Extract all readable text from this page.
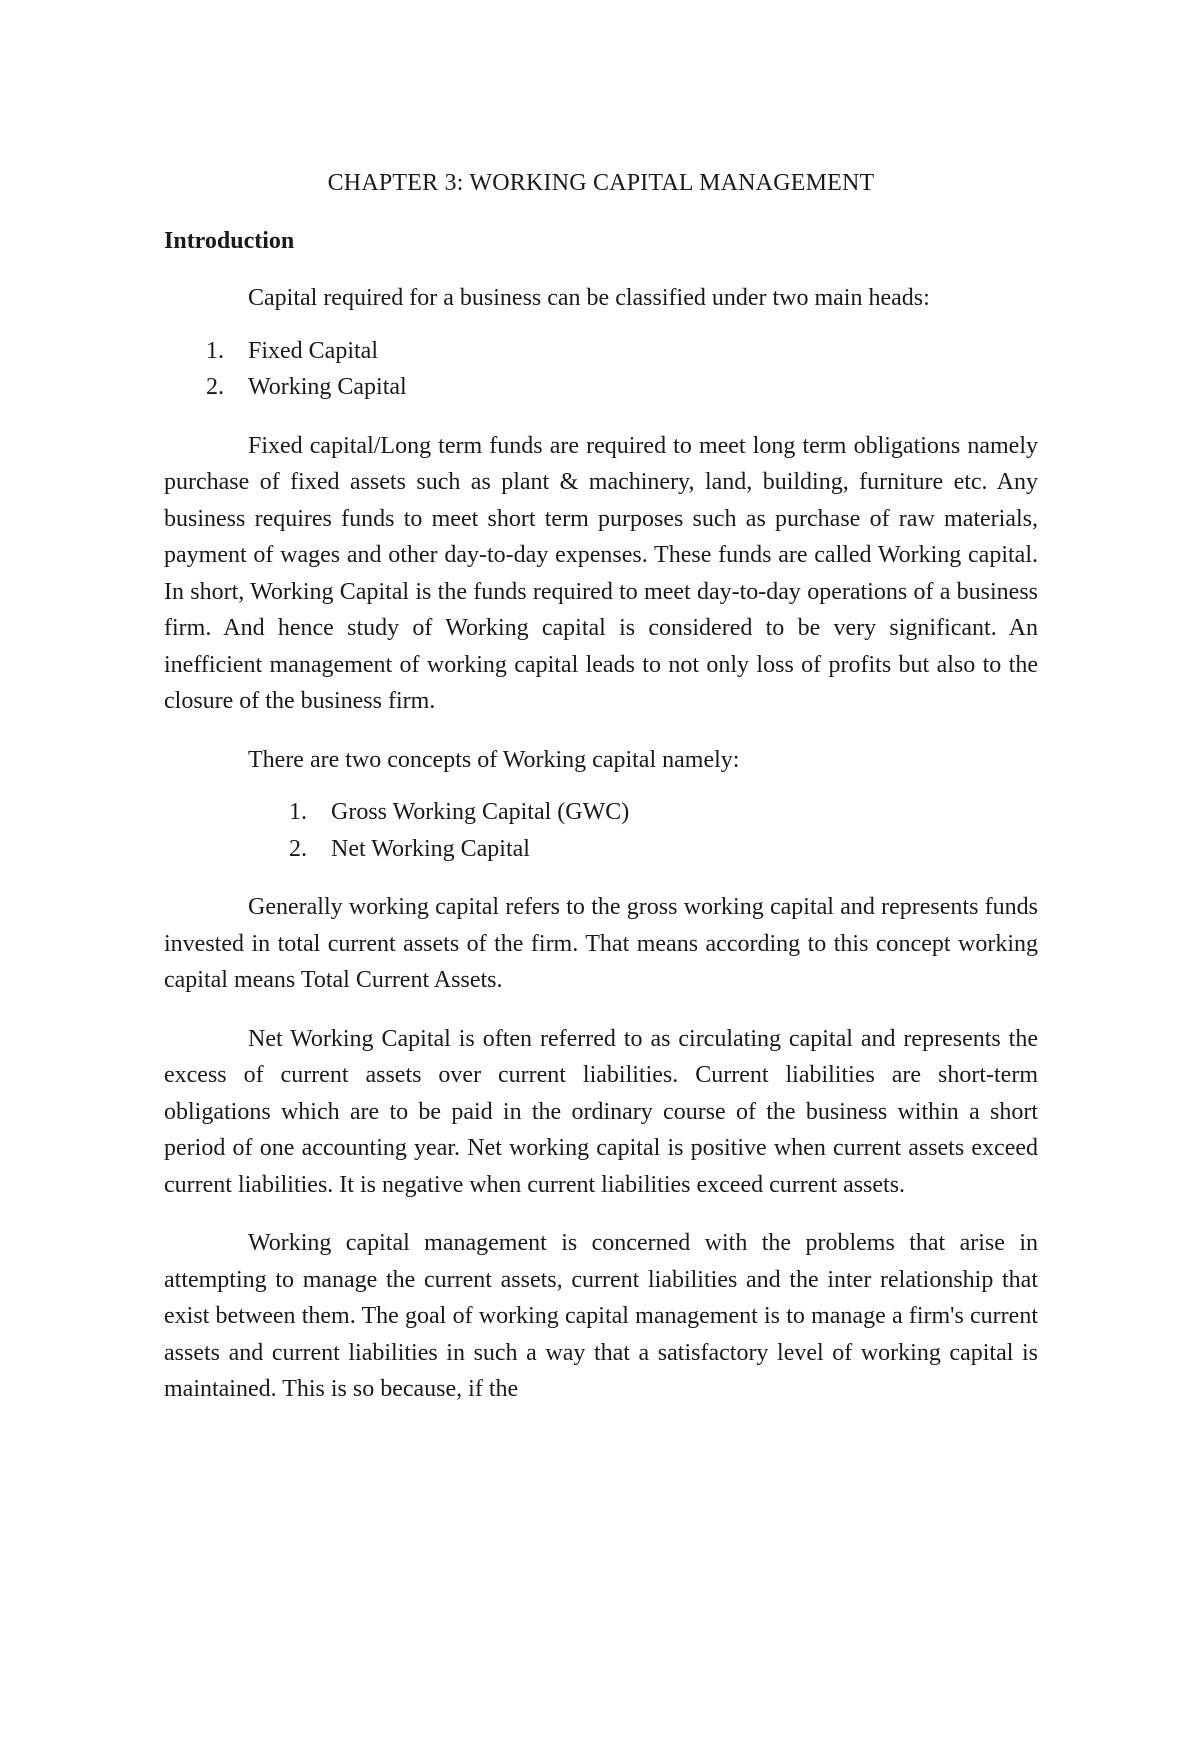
CHAPTER 3: WORKING CAPITAL MANAGEMENT
Introduction

Capital required for a business can be classified under two main heads:

1. Fixed Capital
2. Working Capital

Fixed capital/Long term funds are required to meet long term obligations namely purchase of fixed assets such as plant & machinery, land, building, furniture etc. Any business requires funds to meet short term purposes such as purchase of raw materials, payment of wages and other day-to-day expenses. These funds are called Working capital. In short, Working Capital is the funds required to meet day-to-day operations of a business firm. And hence study of Working capital is considered to be very significant. An inefficient management of working capital leads to not only loss of profits but also to the closure of the business firm.

There are two concepts of Working capital namely:

1. Gross Working Capital (GWC)
2. Net Working Capital

Generally working capital refers to the gross working capital and represents funds invested in total current assets of the firm. That means according to this concept working capital means Total Current Assets.

Net Working Capital is often referred to as circulating capital and represents the excess of current assets over current liabilities. Current liabilities are short-term obligations which are to be paid in the ordinary course of the business within a short period of one accounting year. Net working capital is positive when current assets exceed current liabilities. It is negative when current liabilities exceed current assets.

Working capital management is concerned with the problems that arise in attempting to manage the current assets, current liabilities and the inter relationship that exist between them. The goal of working capital management is to manage a firm's current assets and current liabilities in such a way that a satisfactory level of working capital is maintained. This is so because, if the
